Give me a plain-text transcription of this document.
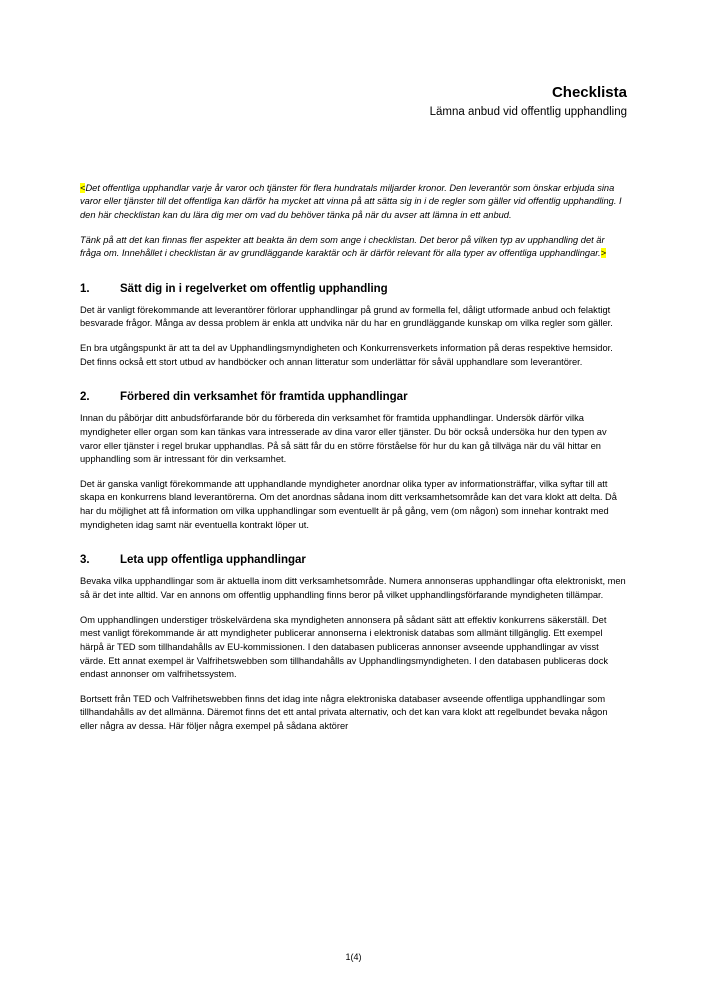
Checklista
Lämna anbud vid offentlig upphandling

<Det offentliga upphandlar varje år varor och tjänster för flera hundratals miljarder kronor. Den leverantör som önskar erbjuda sina varor eller tjänster till det offentliga kan därför ha mycket att vinna på att sätta sig in i de regler som gäller vid offentlig upphandling. I den här checklistan kan du lära dig mer om vad du behöver tänka på när du avser att lämna in ett anbud.

Tänk på att det kan finnas fler aspekter att beakta än dem som ange i checklistan. Det beror på vilken typ av upphandling det är fråga om. Innehållet i checklistan är av grundläggande karaktär och är därför relevant för alla typer av offentliga upphandlingar.>

1.	Sätt dig in i regelverket om offentlig upphandling

Det är vanligt förekommande att leverantörer förlorar upphandlingar på grund av formella fel, dåligt utformade anbud och felaktigt besvarade frågor. Många av dessa problem är enkla att undvika när du har en grundläggande kunskap om vilka regler som gäller.

En bra utgångspunkt är att ta del av Upphandlingsmyndigheten och Konkurrensverkets information på deras respektive hemsidor. Det finns också ett stort utbud av handböcker och annan litteratur som underlättar för såväl upphandlare som leverantörer.

2.	Förbered din verksamhet för framtida upphandlingar

Innan du påbörjar ditt anbudsförfarande bör du förbereda din verksamhet för framtida upphandlingar. Undersök därför vilka myndigheter eller organ som kan tänkas vara intresserade av dina varor eller tjänster. Du bör också undersöka hur den typen av varor eller tjänster i regel brukar upphandlas. På så sätt får du en större förståelse för hur du kan gå tillväga när du väl hittar en upphandling som är intressant för din verksamhet.

Det är ganska vanligt förekommande att upphandlande myndigheter anordnar olika typer av informationsträffar, vilka syftar till att skapa en konkurrens bland leverantörerna. Om det anordnas sådana inom ditt verksamhetsområde kan det vara klokt att delta. Då har du möjlighet att få information om vilka upphandlingar som eventuellt är på gång, vem (om någon) som innehar kontrakt med myndigheten idag samt när eventuella kontrakt löper ut.

3.	Leta upp offentliga upphandlingar

Bevaka vilka upphandlingar som är aktuella inom ditt verksamhetsområde. Numera annonseras upphandlingar ofta elektroniskt, men så är det inte alltid. Var en annons om offentlig upphandling finns beror på vilket upphandlingsförfarande myndigheten tillämpar.

Om upphandlingen understiger tröskelvärdena ska myndigheten annonsera på sådant sätt att effektiv konkurrens säkerställ. Det mest vanligt förekommande är att myndigheter publicerar annonserna i elektronisk databas som allmänt tillgänglig. Ett exempel härpå är TED som tillhandahålls av EU-kommissionen. I den databasen publiceras annonser avseende upphandlingar av visst värde. Ett annat exempel är Valfrihetswebben som tillhandahålls av Upphandlingsmyndigheten. I den databasen publiceras dock endast annonser om valfrihetssystem.

Bortsett från TED och Valfrihetswebben finns det idag inte några elektroniska databaser avseende offentliga upphandlingar som tillhandahålls av det allmänna. Däremot finns det ett antal privata alternativ, och det kan vara klokt att regelbundet bevaka någon eller några av dessa. Här följer några exempel på sådana aktörer

1(4)
